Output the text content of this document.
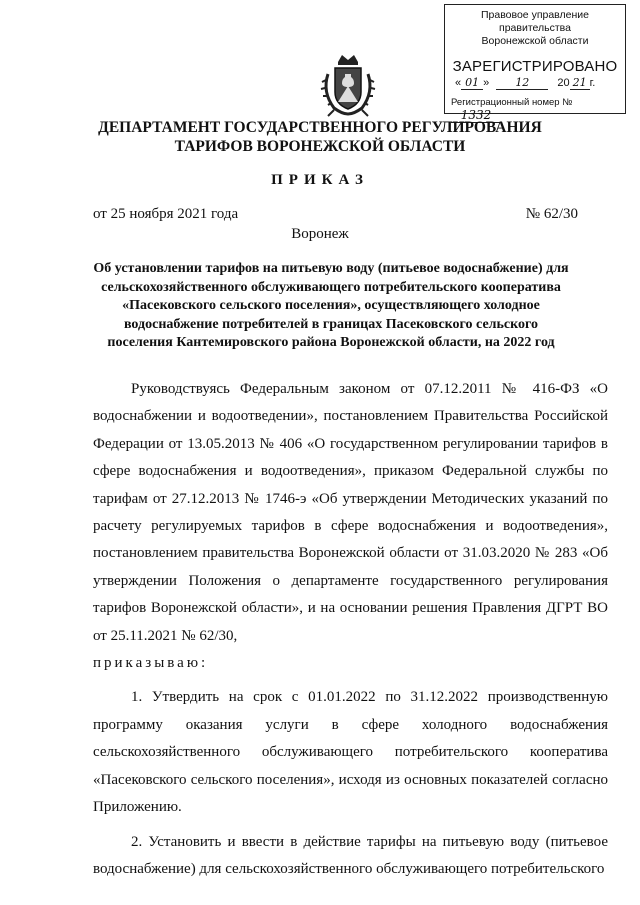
Правовое управление правительства
Воронежской области
ЗАРЕГИСТРИРОВАНО
« 01 » 12	20 21 г.
Регистрационный номер № 1332
ДЕПАРТАМЕНТ ГОСУДАРСТВЕННОГО РЕГУЛИРОВАНИЯ
ТАРИФОВ ВОРОНЕЖСКОЙ ОБЛАСТИ
ПРИКАЗ
от 25 ноября 2021 года	№ 62/30
Воронеж
Об установлении тарифов на питьевую воду (питьевое водоснабжение) для сельскохозяйственного обслуживающего потребительского кооператива «Пасековского сельского поселения», осуществляющего холодное водоснабжение потребителей в границах Пасековского сельского поселения Кантемировского района Воронежской области, на 2022 год

Руководствуясь Федеральным законом от 07.12.2011 № 416-ФЗ «О водоснабжении и водоотведении», постановлением Правительства Российской Федерации от 13.05.2013 № 406 «О государственном регулировании тарифов в сфере водоснабжения и водоотведения», приказом Федеральной службы по тарифам от 27.12.2013 № 1746-э «Об утверждении Методических указаний по расчету регулируемых тарифов в сфере водоснабжения и водоотведения», постановлением правительства Воронежской области от 31.03.2020 № 283 «Об утверждении Положения о департаменте государственного регулирования тарифов Воронежской области», и на основании решения Правления ДГРТ ВО от 25.11.2021 № 62/30,

приказываю:

1. Утвердить на срок с 01.01.2022 по 31.12.2022 производственную программу оказания услуги в сфере холодного водоснабжения сельскохозяйственного обслуживающего потребительского кооператива «Пасековского сельского поселения», исходя из основных показателей согласно Приложению.

2. Установить и ввести в действие тарифы на питьевую воду (питьевое водоснабжение) для сельскохозяйственного обслуживающего потребительского
